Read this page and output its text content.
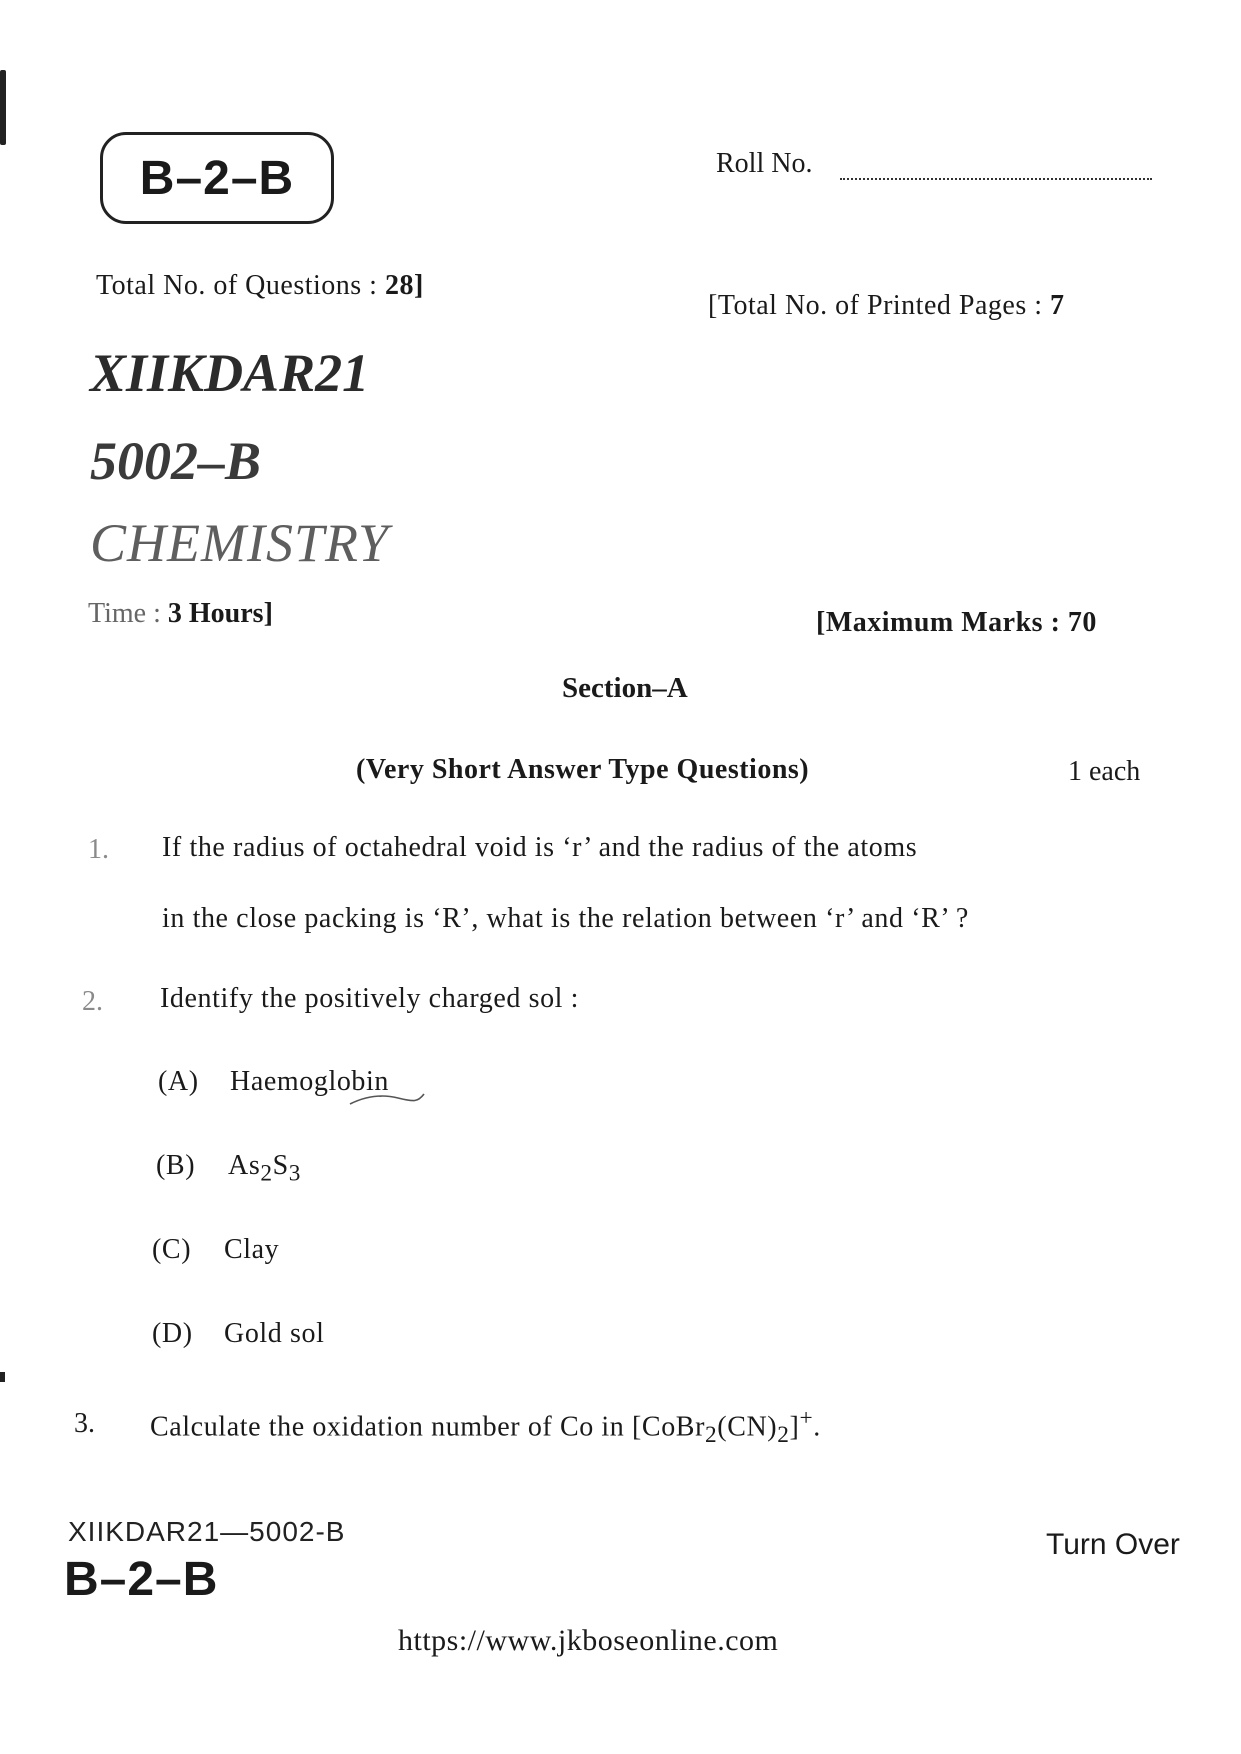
B–2–B	Roll No.
Total No. of Questions : 28]
[Total No. of Printed Pages : 7
XIIKDAR21
5002–B
CHEMISTRY
Time : 3 Hours]	[Maximum Marks : 70
Section–A
(Very Short Answer Type Questions)	1 each
1. If the radius of octahedral void is ‘r’ and the radius of the atoms
in the close packing is ‘R’, what is the relation between ‘r’ and ‘R’ ?
2. Identify the positively charged sol :
(A) Haemoglobin
(B) $As_2S_3$
(C) Clay
(D) Gold sol
3. Calculate the oxidation number of Co in $[CoBr_2(CN)_2]^+$.
XIIKDAR21—5002-B
B–2–B
Turn Over
https://www.jkboseonline.com
